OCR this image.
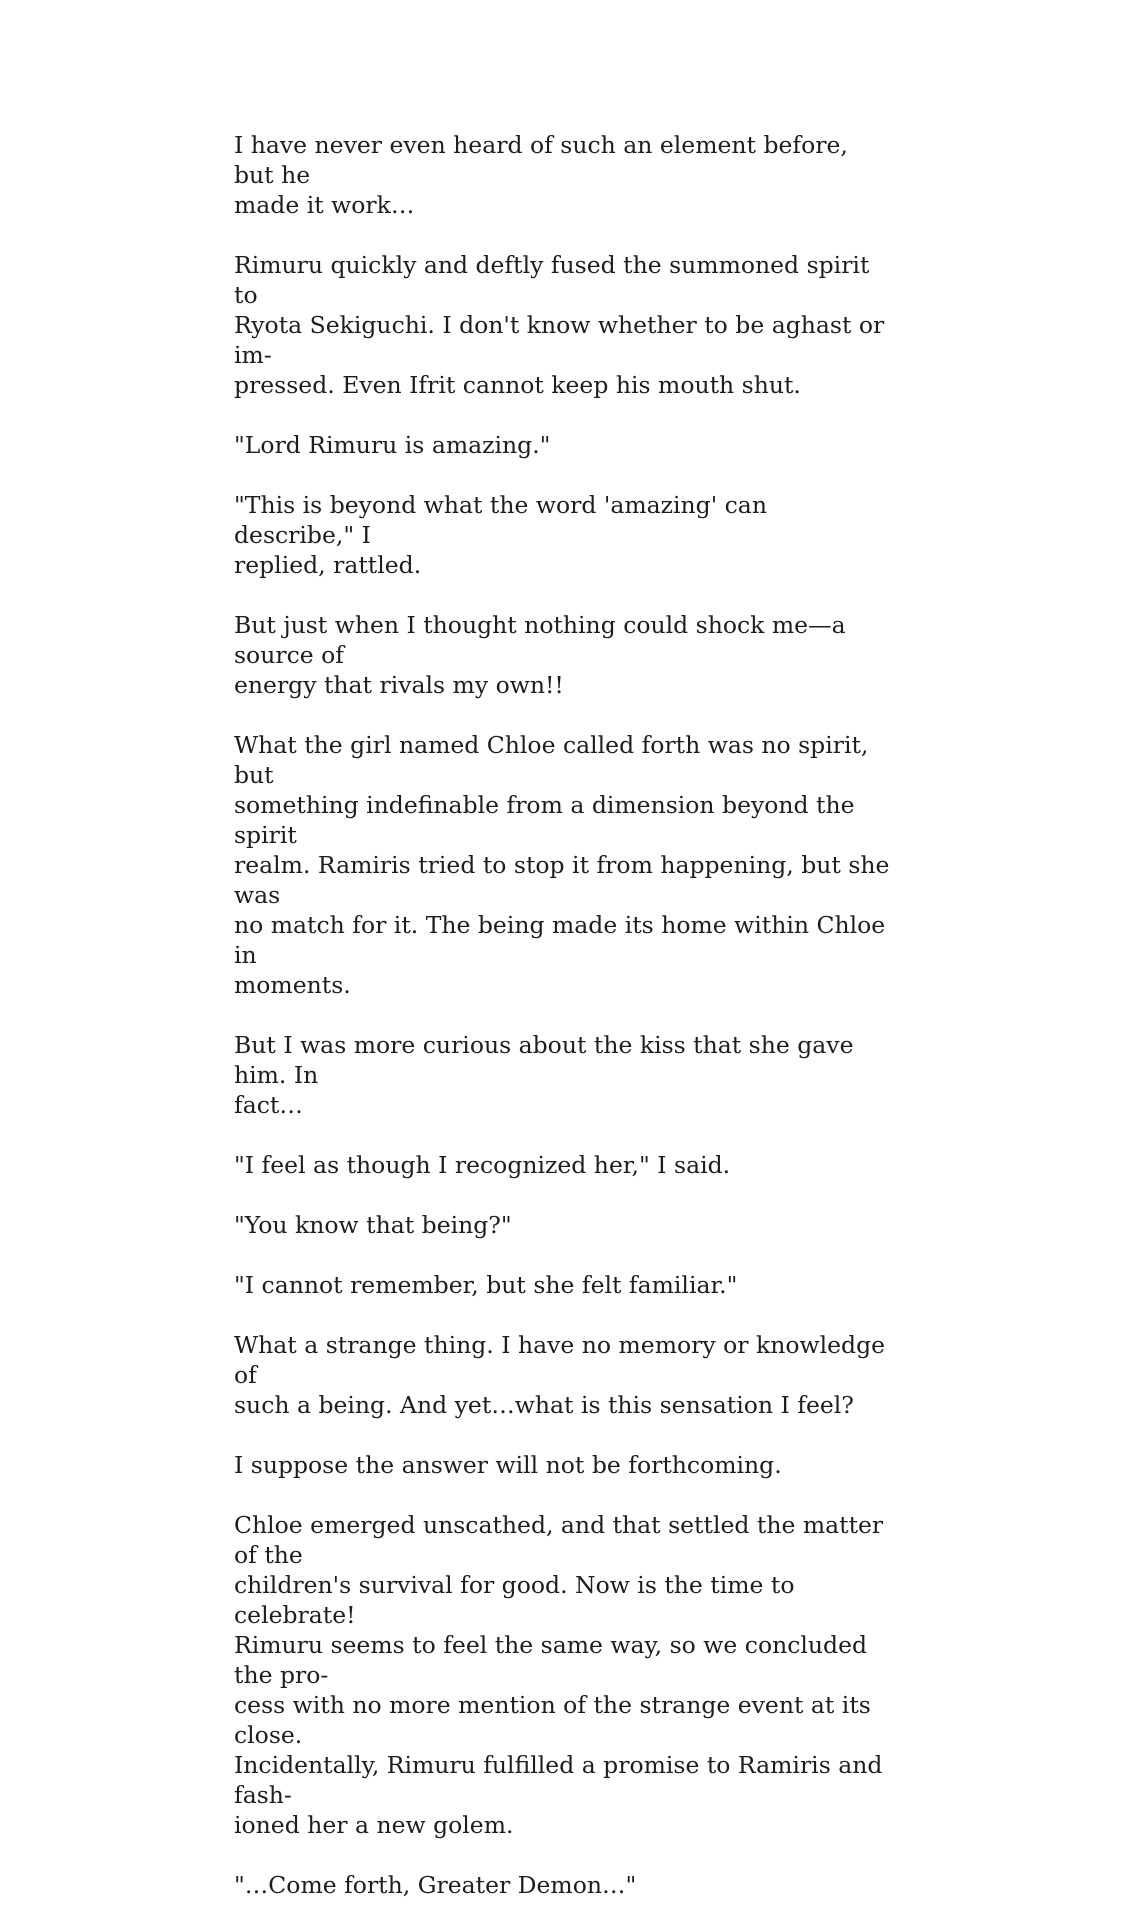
I have never even heard of such an element before, but he
made it work…

Rimuru quickly and deftly fused the summoned spirit to
Ryota Sekiguchi. I don't know whether to be aghast or im-
pressed. Even Ifrit cannot keep his mouth shut.

"Lord Rimuru is amazing."

"This is beyond what the word 'amazing' can describe," I
replied, rattled.

But just when I thought nothing could shock me—a source of
energy that rivals my own!!

What the girl named Chloe called forth was no spirit, but
something indefinable from a dimension beyond the spirit
realm. Ramiris tried to stop it from happening, but she was
no match for it. The being made its home within Chloe in
moments.

But I was more curious about the kiss that she gave him. In
fact…

"I feel as though I recognized her," I said.

"You know that being?"

"I cannot remember, but she felt familiar."

What a strange thing. I have no memory or knowledge of
such a being. And yet…what is this sensation I feel?

I suppose the answer will not be forthcoming.

Chloe emerged unscathed, and that settled the matter of the
children's survival for good. Now is the time to celebrate!
Rimuru seems to feel the same way, so we concluded the pro-
cess with no more mention of the strange event at its close.
Incidentally, Rimuru fulfilled a promise to Ramiris and fash-
ioned her a new golem.

"…Come forth, Greater Demon…"
